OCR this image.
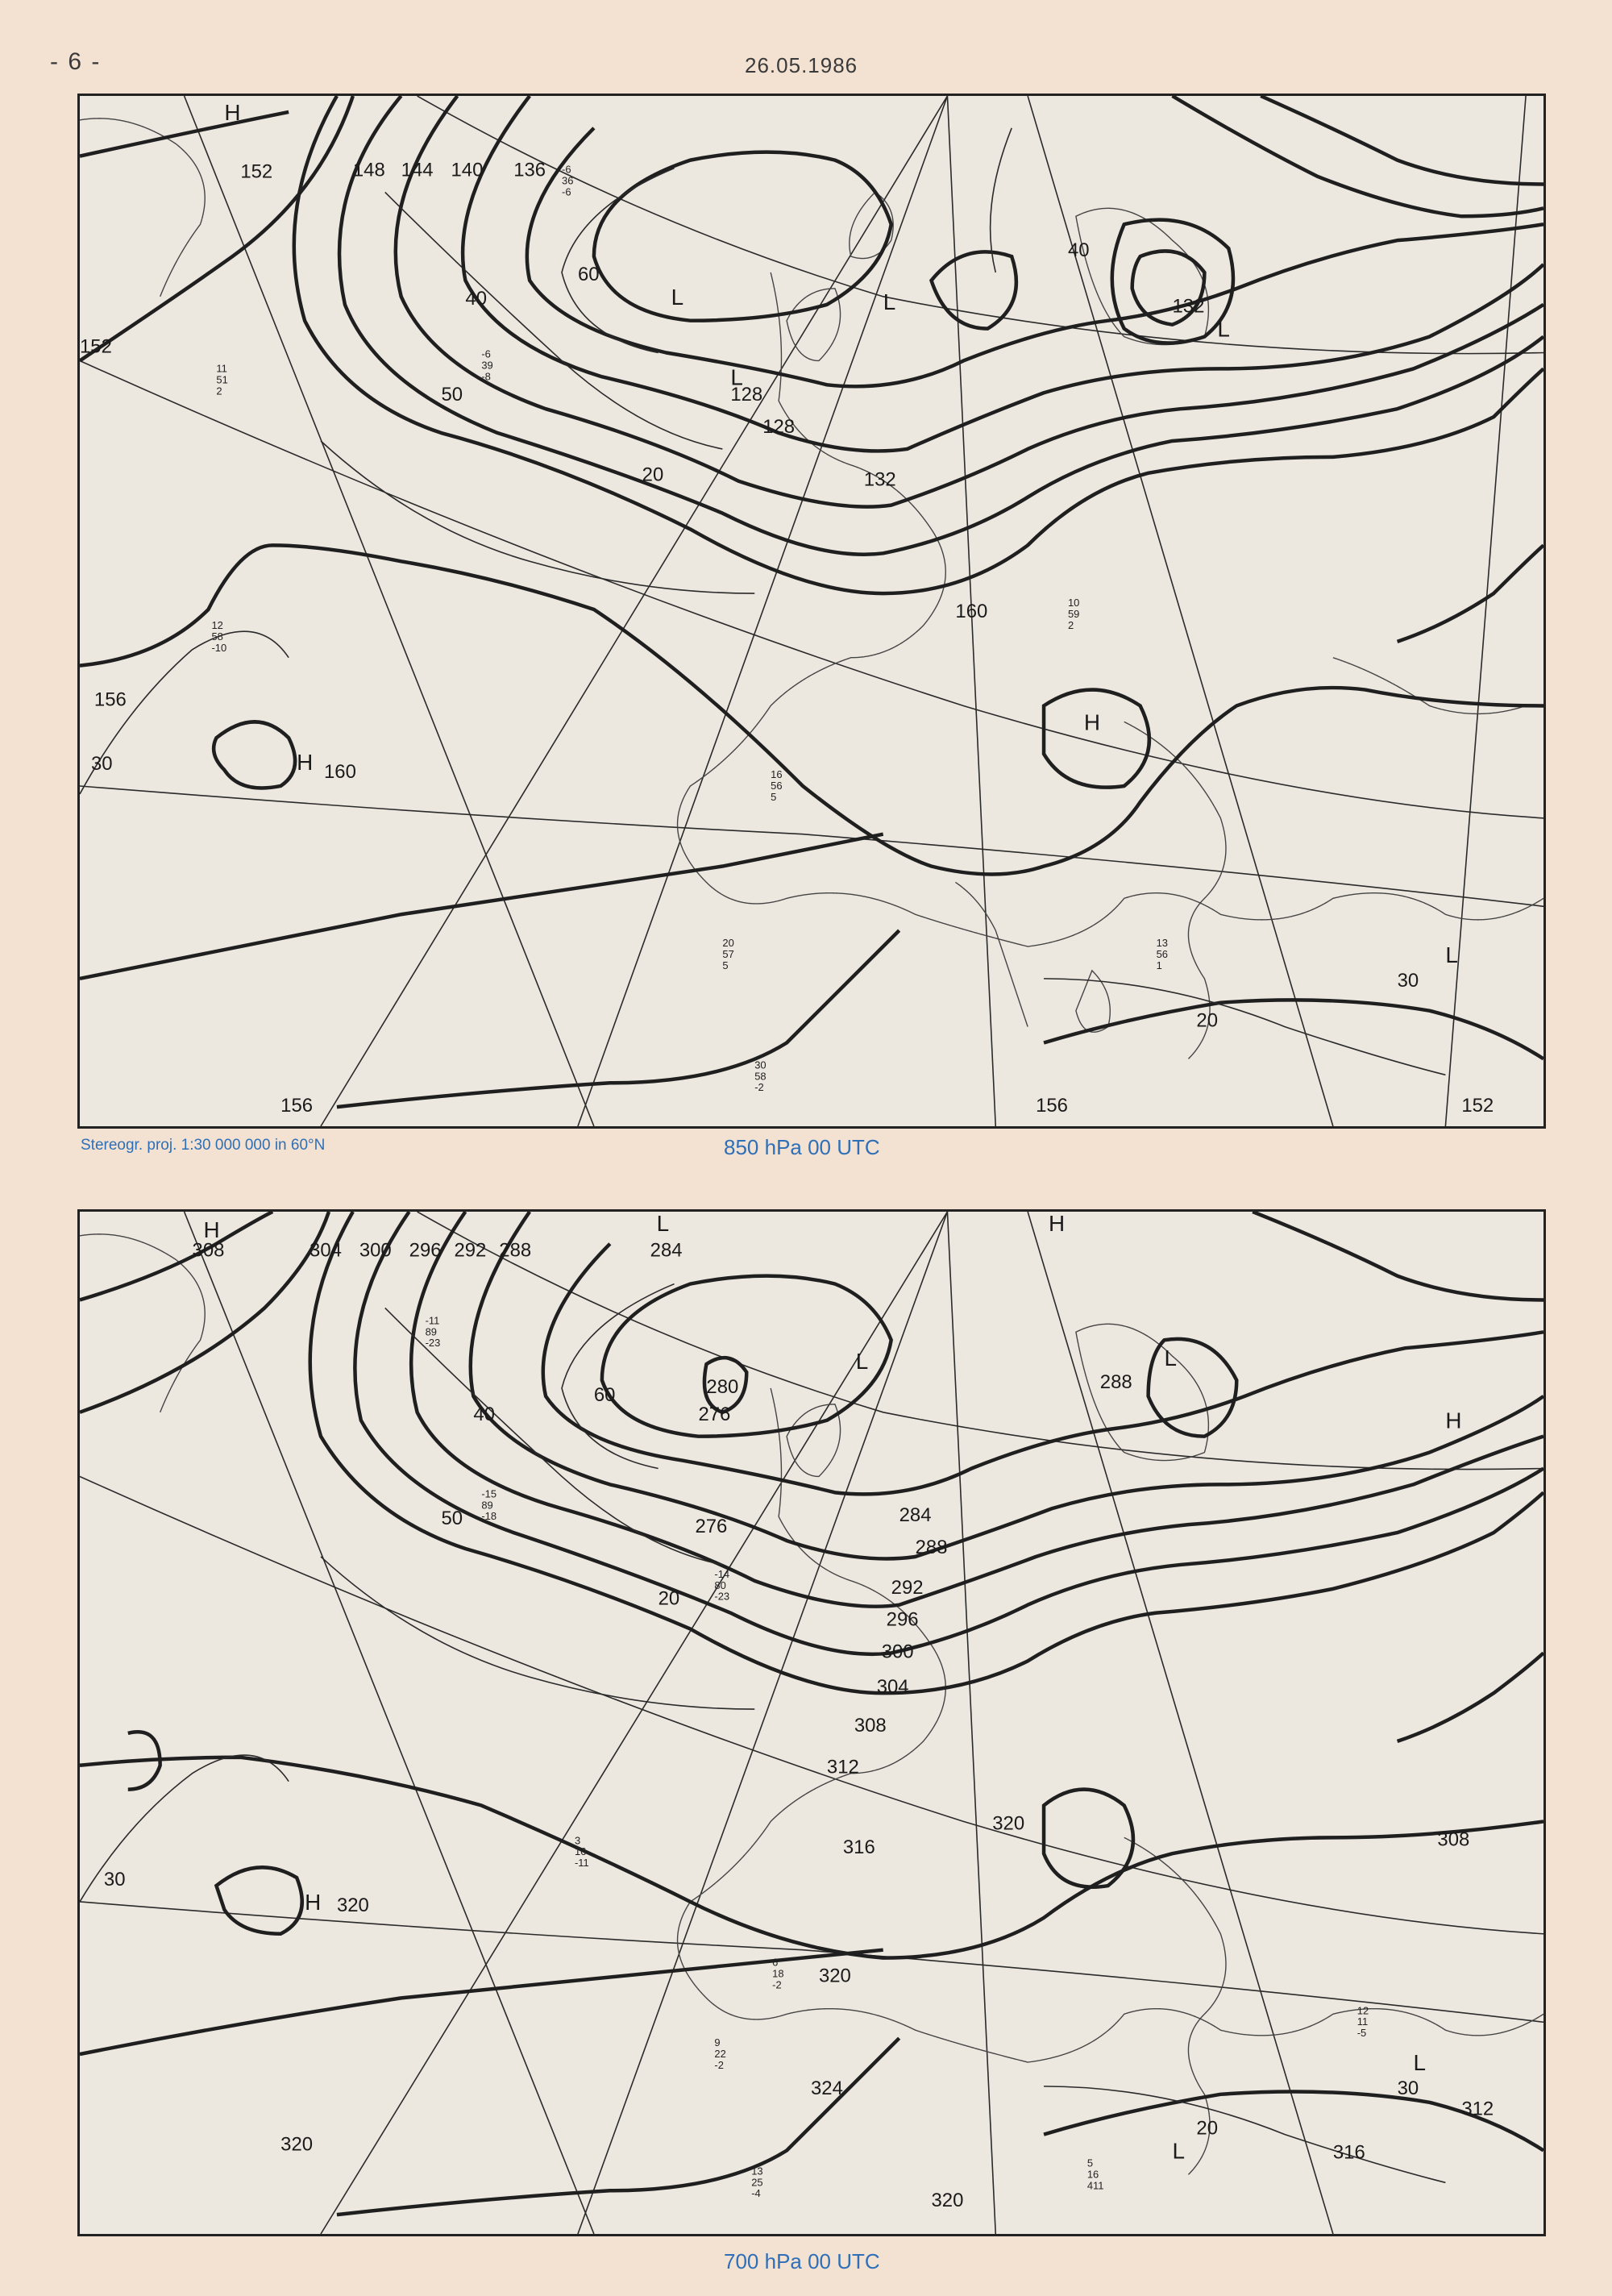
- 6 -	26.05.1986
152	148 144 140 136
132
128
152
156
160
156	156	152
60
50
40
30
20
40
30
20
H
L	L
L
H
H
L
L
160
128
132
-6
36
-6
11
51
2
-6
39
-8
12
58
-10
10
59
2
16
56
5
13
56
1
20
57
5
30
58
-2
Stereogr. proj. 1:30 000 000 in 60°N	850 hPa 00 UTC
308	304 300 296 292 288	284
280
276
284
288
292
296
300
304
308
312
316
320
324
320
320
316
312
308
60
50
40
30
20
20
30
H	L
L	L
H
H
H
L
L
276
288
320
320
-11
89
-23
-15
89
-18
-14
80
-23
3
16
-11
6
18
-2
9
22
-2
13
25
-4
5
16
411
12
11
-5
700 hPa 00 UTC
